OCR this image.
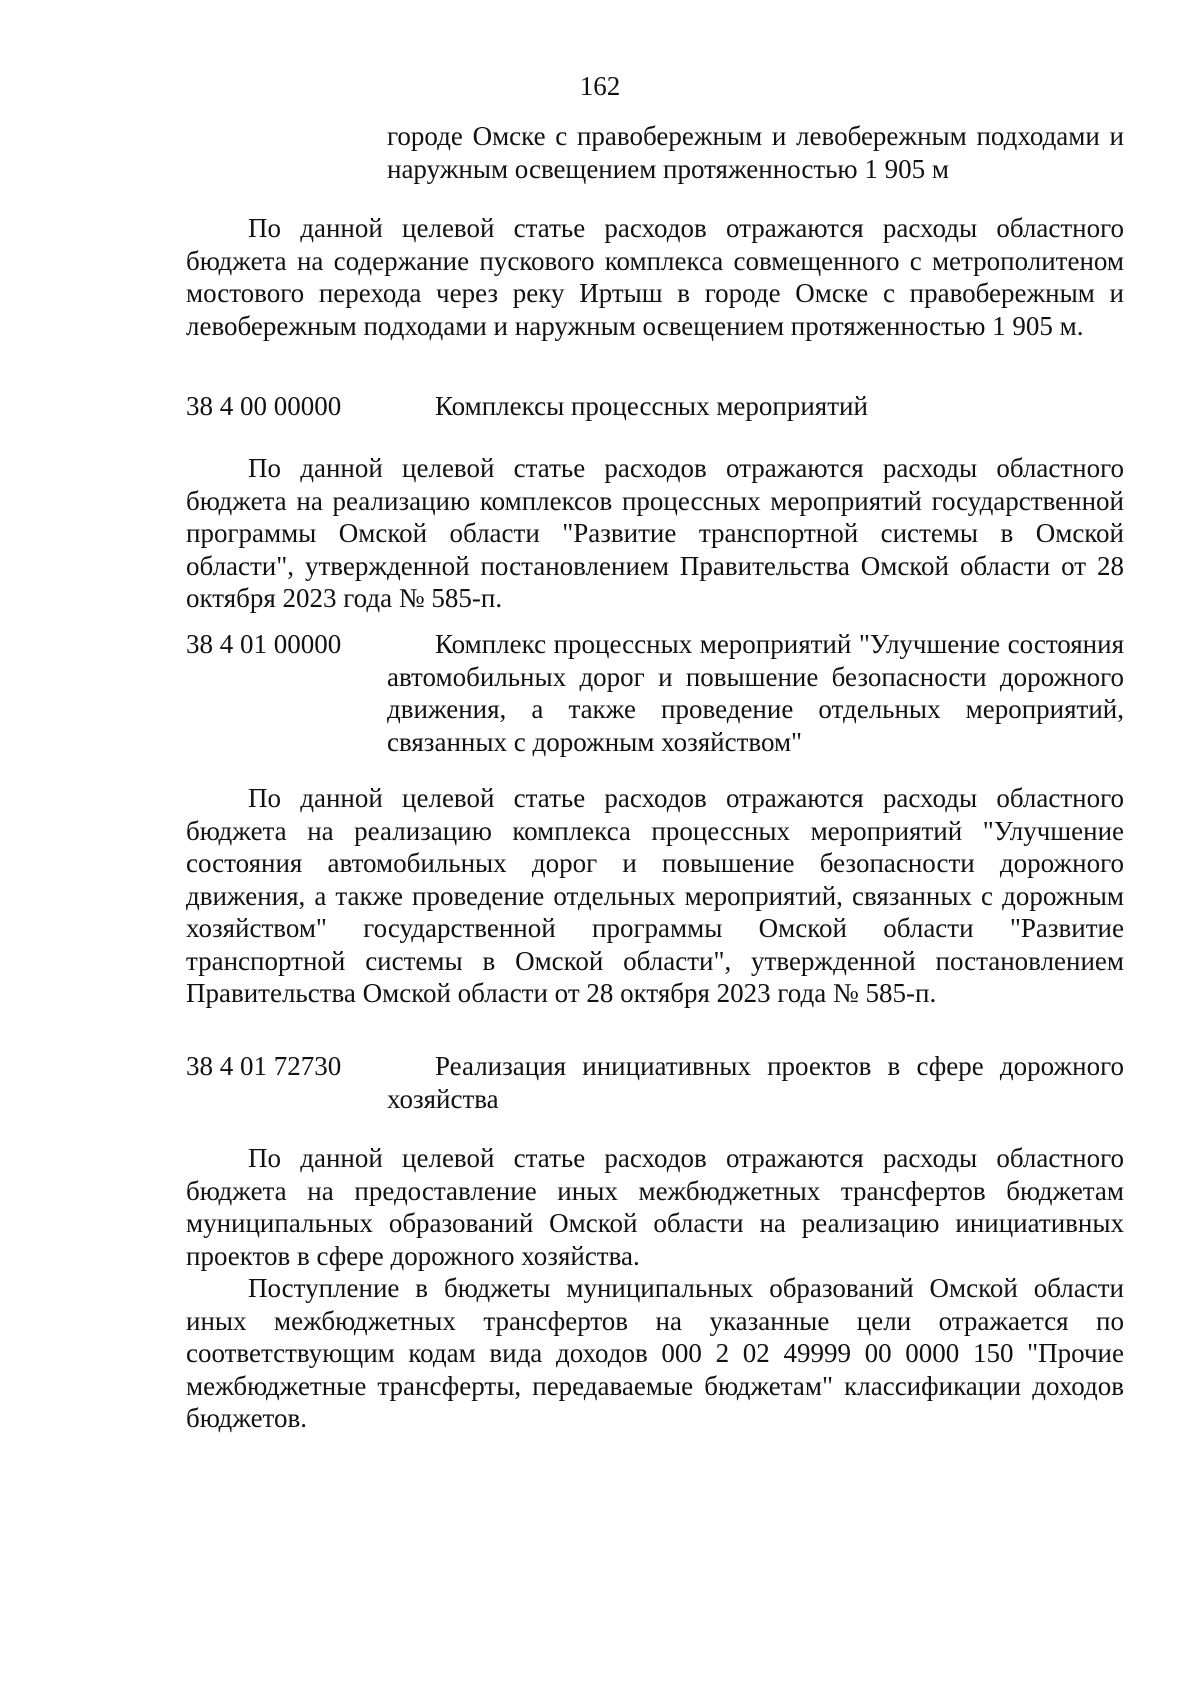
162

городе Омске с правобережным и левобережным подходами и наружным освещением протяженностью 1 905 м

По данной целевой статье расходов отражаются расходы областного бюджета на содержание пускового комплекса совмещенного с метрополитеном мостового перехода через реку Иртыш в городе Омске с правобережным и левобережным подходами и наружным освещением протяженностью 1 905 м.

38 4 00 00000	Комплексы процессных мероприятий

По данной целевой статье расходов отражаются расходы областного бюджета на реализацию комплексов процессных мероприятий государственной программы Омской области "Развитие транспортной системы в Омской области", утвержденной постановлением Правительства Омской области от 28 октября 2023 года № 585-п.

38 4 01 00000	Комплекс процессных мероприятий "Улучшение состояния автомобильных дорог и повышение безопасности дорожного движения, а также проведение отдельных мероприятий, связанных с дорожным хозяйством"

По данной целевой статье расходов отражаются расходы областного бюджета на реализацию комплекса процессных мероприятий "Улучшение состояния автомобильных дорог и повышение безопасности дорожного движения, а также проведение отдельных мероприятий, связанных с дорожным хозяйством" государственной программы Омской области "Развитие транспортной системы в Омской области", утвержденной постановлением Правительства Омской области от 28 октября 2023 года № 585-п.

38 4 01 72730	Реализация инициативных проектов в сфере дорожного хозяйства

По данной целевой статье расходов отражаются расходы областного бюджета на предоставление иных межбюджетных трансфертов бюджетам муниципальных образований Омской области на реализацию инициативных проектов в сфере дорожного хозяйства.

Поступление в бюджеты муниципальных образований Омской области иных межбюджетных трансфертов на указанные цели отражается по соответствующим кодам вида доходов 000 2 02 49999 00 0000 150 "Прочие межбюджетные трансферты, передаваемые бюджетам" классификации доходов бюджетов.
